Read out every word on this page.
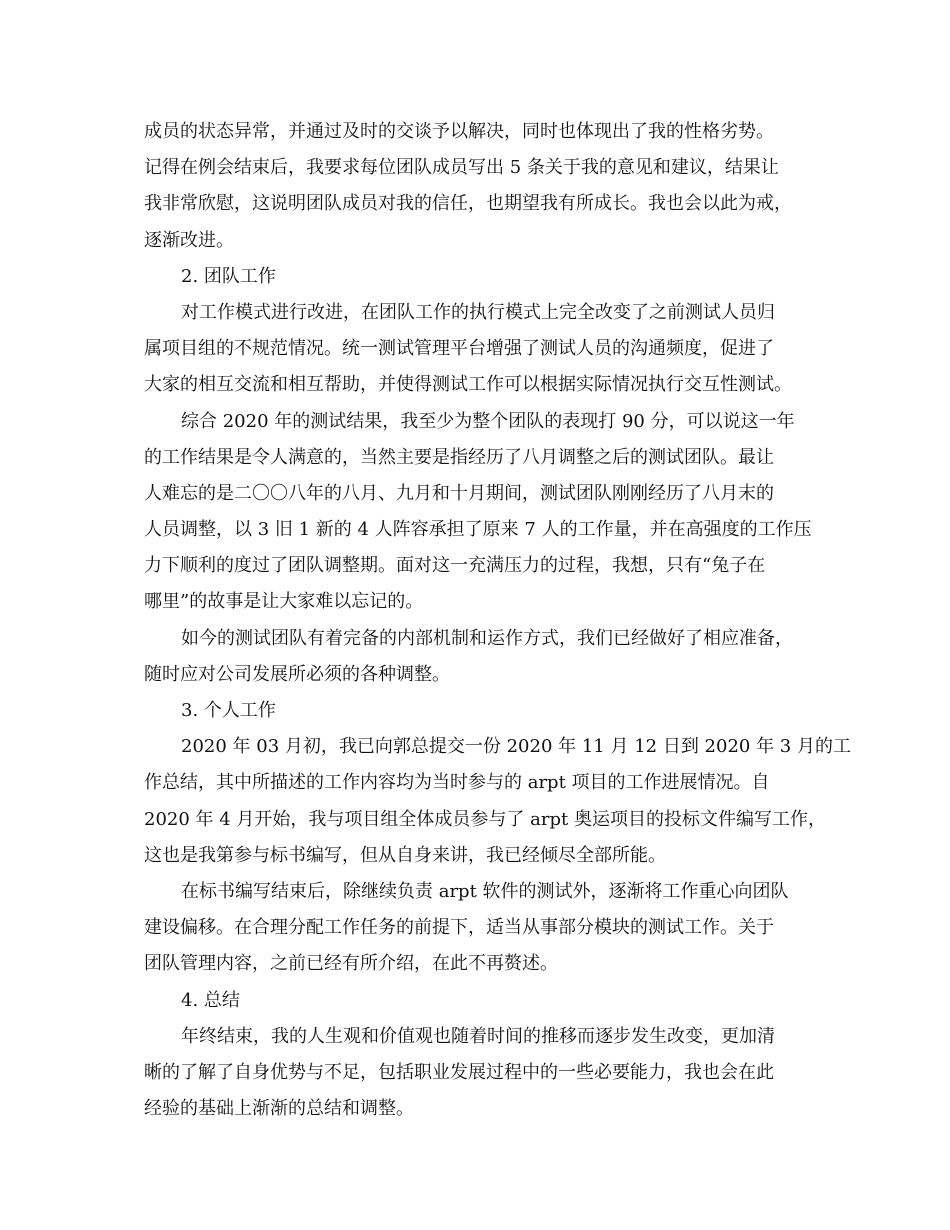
成员的状态异常，并通过及时的交谈予以解决，同时也体现出了我的性格劣势。
记得在例会结束后，我要求每位团队成员写出 5 条关于我的意见和建议，结果让
我非常欣慰，这说明团队成员对我的信任，也期望我有所成长。我也会以此为戒，
逐渐改进。
2. 团队工作
对工作模式进行改进，在团队工作的执行模式上完全改变了之前测试人员归
属项目组的不规范情况。统一测试管理平台增强了测试人员的沟通频度，促进了
大家的相互交流和相互帮助，并使得测试工作可以根据实际情况执行交互性测试。
综合 2020 年的测试结果，我至少为整个团队的表现打 90 分，可以说这一年
的工作结果是令人满意的，当然主要是指经历了八月调整之后的测试团队。最让
人难忘的是二〇〇八年的八月、九月和十月期间，测试团队刚刚经历了八月末的
人员调整，以 3 旧 1 新的 4 人阵容承担了原来 7 人的工作量，并在高强度的工作压
力下顺利的度过了团队调整期。面对这一充满压力的过程，我想，只有“兔子在
哪里”的故事是让大家难以忘记的。
如今的测试团队有着完备的内部机制和运作方式，我们已经做好了相应准备，
随时应对公司发展所必须的各种调整。
3. 个人工作
2020 年 03 月初，我已向郭总提交一份 2020 年 11 月 12 日到 2020 年 3 月的工
作总结，其中所描述的工作内容均为当时参与的 arpt 项目的工作进展情况。自
2020 年 4 月开始，我与项目组全体成员参与了 arpt 奥运项目的投标文件编写工作，
这也是我第参与标书编写，但从自身来讲，我已经倾尽全部所能。
在标书编写结束后，除继续负责 arpt 软件的测试外，逐渐将工作重心向团队
建设偏移。在合理分配工作任务的前提下，适当从事部分模块的测试工作。关于
团队管理内容，之前已经有所介绍，在此不再赘述。
4. 总结
年终结束，我的人生观和价值观也随着时间的推移而逐步发生改变，更加清
晰的了解了自身优势与不足，包括职业发展过程中的一些必要能力，我也会在此
经验的基础上渐渐的总结和调整。
